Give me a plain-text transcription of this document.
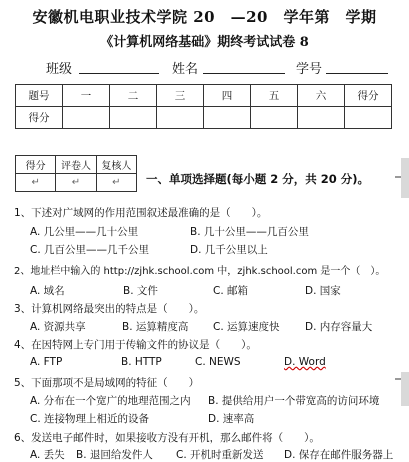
安徽机电职业技术学院 20　—20　学年第　学期
《计算机网络基础》期终考试试卷 8
班级	姓名	学号
题号	一	二	三	四	五	六	得分
得分							
得分	评卷人	复核人
↵	↵	↵ 一、单项选择题(每小题 2 分，共 20 分)。
1、下述对广域网的作用范围叙述最准确的是（　　）。
A. 几公里——几十公里	B. 几十公里——几百公里
C. 几百公里——几千公里	D. 几千公里以上
2、地址栏中输入的 http://zjhk.school.com 中，zjhk.school.com 是一个（　）。
A. 域名	B. 文件	C. 邮箱	D. 国家
3、计算机网络最突出的特点是（　　）。
A. 资源共享	B. 运算精度高 C. 运算速度快 D. 内存容量大
4、在因特网上专门用于传输文件的协议是（　　）。
A. FTP	B. HTTP	C. NEWS	D. Word
5、下面那项不是局域网的特征（　　）
A. 分布在一个宽广的地理范围之内 B. 提供给用户一个带宽高的访问环境
C. 连接物理上相近的设备	D. 速率高
6、发送电子邮件时，如果接收方没有开机，那么邮件将（　　）。
A. 丢失 B. 退回给发件人 C. 开机时重新发送 D. 保存在邮件服务器上
